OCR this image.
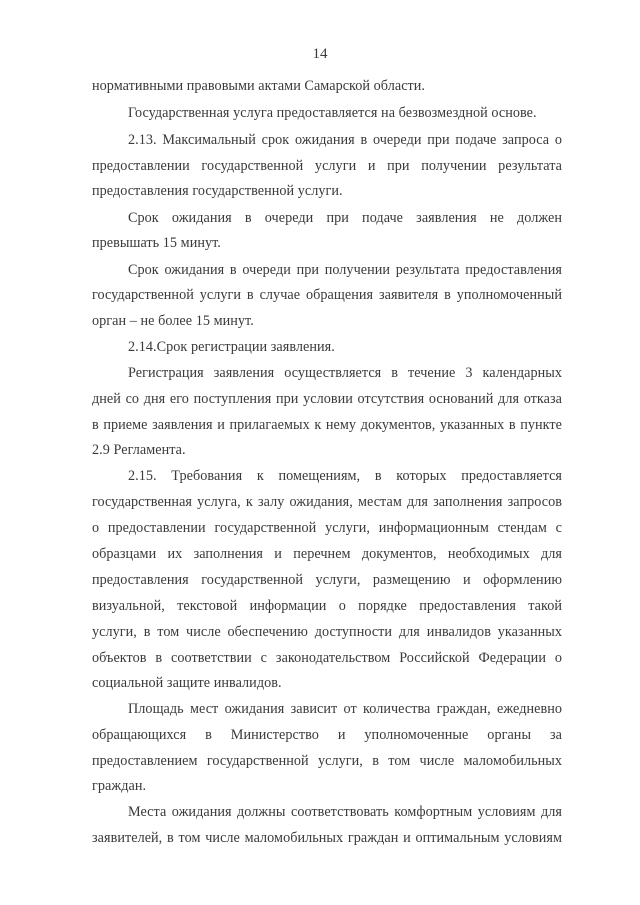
14
нормативными правовыми актами Самарской области.
Государственная услуга предоставляется на безвозмездной основе.
2.13. Максимальный срок ожидания в очереди при подаче запроса о
предоставлении государственной услуги и при получении результата
предоставления государственной услуги.
Срок ожидания в очереди при подаче заявления не должен
превышать 15 минут.
Срок ожидания в очереди при получении результата предоставления
государственной услуги в случае обращения заявителя в уполномоченный
орган – не более 15 минут.
2.14.Срок регистрации заявления.
Регистрация заявления осуществляется в течение 3 календарных
дней со дня его поступления при условии отсутствия оснований для отказа
в приеме заявления и прилагаемых к нему документов, указанных в пункте
2.9 Регламента.
2.15. Требования к помещениям, в которых предоставляется
государственная услуга, к залу ожидания, местам для заполнения запросов
о предоставлении государственной услуги, информационным стендам с
образцами их заполнения и перечнем документов, необходимых для
предоставления государственной услуги, размещению и оформлению
визуальной, текстовой информации о порядке предоставления такой
услуги, в том числе обеспечению доступности для инвалидов указанных
объектов в соответствии с законодательством Российской Федерации о
социальной защите инвалидов.
Площадь мест ожидания зависит от количества граждан, ежедневно
обращающихся в Министерство и уполномоченные органы за
предоставлением государственной услуги, в том числе маломобильных
граждан.
Места ожидания должны соответствовать комфортным условиям для
заявителей, в том числе маломобильных граждан и оптимальным условиям
